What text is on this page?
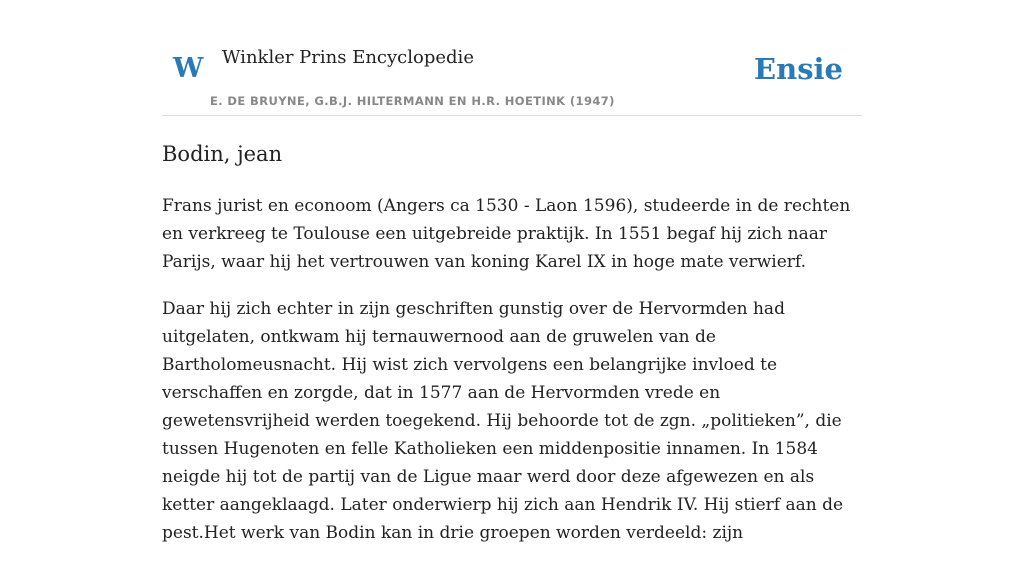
W Winkler Prins Encyclopedie
E. DE BRUYNE, G.B.J. HILTERMANN EN H.R. HOETINK (1947)
Ensie
Bodin, jean

Frans jurist en econoom (Angers ca 1530 - Laon 1596), studeerde in de rechten en verkreeg te Toulouse een uitgebreide praktijk. In 1551 begaf hij zich naar Parijs, waar hij het vertrouwen van koning Karel IX in hoge mate verwierf.

Daar hij zich echter in zijn geschriften gunstig over de Hervormden had uitgelaten, ontkwam hij ternauwernood aan de gruwelen van de Bartholomeusnacht. Hij wist zich vervolgens een belangrijke invloed te verschaffen en zorgde, dat in 1577 aan de Hervormden vrede en gewetensvrijheid werden toegekend. Hij behoorde tot de zgn. „politieken”, die tussen Hugenoten en felle Katholieken een middenpositie innamen. In 1584 neigde hij tot de partij van de Ligue maar werd door deze afgewezen en als ketter aangeklaagd. Later onderwierp hij zich aan Hendrik IV. Hij stierf aan de pest.Het werk van Bodin kan in drie groepen worden verdeeld: zijn
